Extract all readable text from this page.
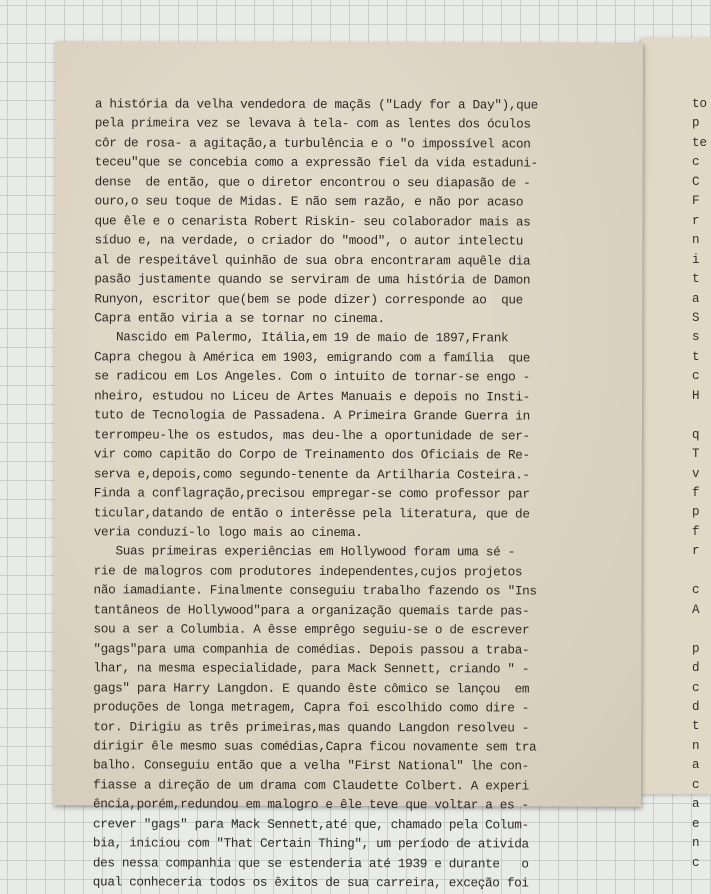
to
p
te
c
C
F
r
n
i
t
a
S
s
t
c
H
q
T
v
f
p
f
r
c
A
p
d
c
d
t
n
a
c
a
e
n
c
a história da velha vendedora de maçãs ("Lady for a Day"),que
pela primeira vez se levava à tela- com as lentes dos óculos
côr de rosa- a agitação,a turbulência e o "o impossível acon
teceu"que se concebia como a expressão fiel da vida estaduni-
dense  de então, que o diretor encontrou o seu diapasão de -
ouro,o seu toque de Midas. E não sem razão, e não por acaso
que êle e o cenarista Robert Riskin- seu colaborador mais as
síduo e, na verdade, o criador do "mood", o autor intelectu
al de respeitável quinhão de sua obra encontraram aquêle dia
pasão justamente quando se serviram de uma história de Damon
Runyon, escritor que(bem se pode dizer) corresponde ao  que
Capra então viria a se tornar no cinema.
Nascido em Palermo, Itália,em 19 de maio de 1897,Frank
Capra chegou à América em 1903, emigrando com a família  que
se radicou em Los Angeles. Com o intuito de tornar-se engo -
nheiro, estudou no Liceu de Artes Manuais e depois no Insti-
tuto de Tecnologia de Passadena. A Primeira Grande Guerra in
terrompeu-lhe os estudos, mas deu-lhe a oportunidade de ser-
vir como capitão do Corpo de Treinamento dos Oficiais de Re-
serva e,depois,como segundo-tenente da Artilharia Costeira.-
Finda a conflagração,precisou empregar-se como professor par
ticular,datando de então o interêsse pela literatura, que de
veria conduzí-lo logo mais ao cinema.
Suas primeiras experiências em Hollywood foram uma sé -
rie de malogros com produtores independentes,cujos projetos
não iamadiante. Finalmente conseguiu trabalho fazendo os "Ins
tantâneos de Hollywood"para a organização quemais tarde pas-
sou a ser a Columbia. A êsse emprêgo seguiu-se o de escrever
"gags"para uma companhia de comédias. Depois passou a traba-
lhar, na mesma especialidade, para Mack Sennett, criando " -
gags" para Harry Langdon. E quando êste cômico se lançou  em
produções de longa metragem, Capra foi escolhido como dire -
tor. Dirigiu as três primeiras,mas quando Langdon resolveu -
dirigir êle mesmo suas comédias,Capra ficou novamente sem tra
balho. Conseguiu então que a velha "First National" lhe con-
fiasse a direção de um drama com Claudette Colbert. A experi
ência,porém,redundou em malogro e êle teve que voltar a es -
crever "gags" para Mack Sennett,até que, chamado pela Colum-
bia, iniciou com "That Certain Thing", um período de ativida
des nessa companhia que se estenderia até 1939 e durante   o
qual conheceria todos os êxitos de sua carreira, exceção foi
